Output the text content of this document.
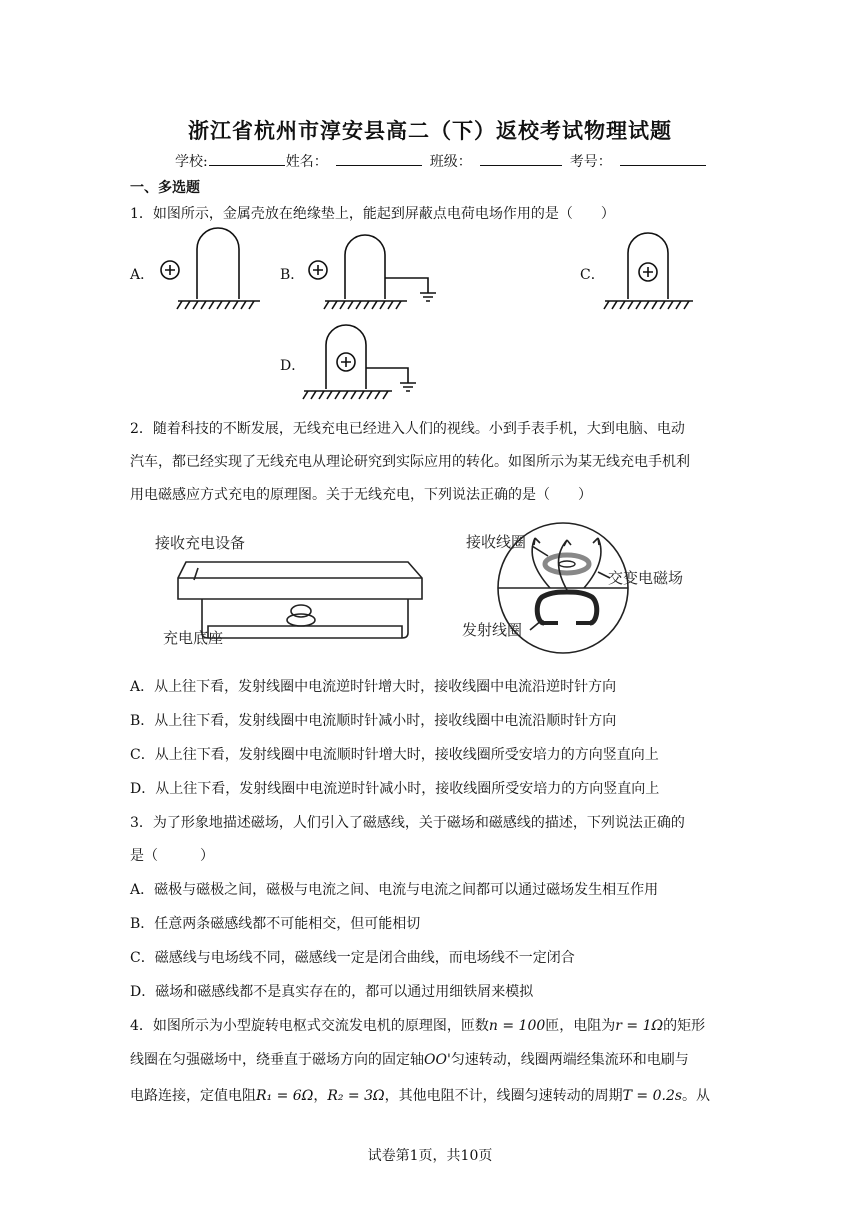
浙江省杭州市淳安县高二（下）返校考试物理试题
学校:	姓名：	班级：	考号：
一、多选题
1．如图所示，金属壳放在绝缘垫上，能起到屏蔽点电荷电场作用的是（　　）
A．	B．	C．
D．
2．随着科技的不断发展，无线充电已经进入人们的视线。小到手表手机，大到电脑、电动
汽车，都已经实现了无线充电从理论研究到实际应用的转化。如图所示为某无线充电手机利
用电磁感应方式充电的原理图。关于无线充电，下列说法正确的是（　　）
接收充电设备
充电底座
接收线圈
交变电磁场
发射线圈
A．从上往下看，发射线圈中电流逆时针增大时，接收线圈中电流沿逆时针方向
B．从上往下看，发射线圈中电流顺时针减小时，接收线圈中电流沿顺时针方向
C．从上往下看，发射线圈中电流顺时针增大时，接收线圈所受安培力的方向竖直向上
D．从上往下看，发射线圈中电流逆时针减小时，接收线圈所受安培力的方向竖直向上
3．为了形象地描述磁场，人们引入了磁感线，关于磁场和磁感线的描述，下列说法正确的
是（　　　）
A．磁极与磁极之间，磁极与电流之间、电流与电流之间都可以通过磁场发生相互作用
B．任意两条磁感线都不可能相交，但可能相切
C．磁感线与电场线不同，磁感线一定是闭合曲线，而电场线不一定闭合
D．磁场和磁感线都不是真实存在的，都可以通过用细铁屑来模拟
4．如图所示为小型旋转电枢式交流发电机的原理图，匝数n = 100匝，电阻为r = 1Ω的矩形
线圈在匀强磁场中，绕垂直于磁场方向的固定轴OO'匀速转动，线圈两端经集流环和电刷与
电路连接，定值电阻R₁ = 6Ω，R₂ = 3Ω，其他电阻不计，线圈匀速转动的周期T = 0.2s。从
试卷第1页，共10页
